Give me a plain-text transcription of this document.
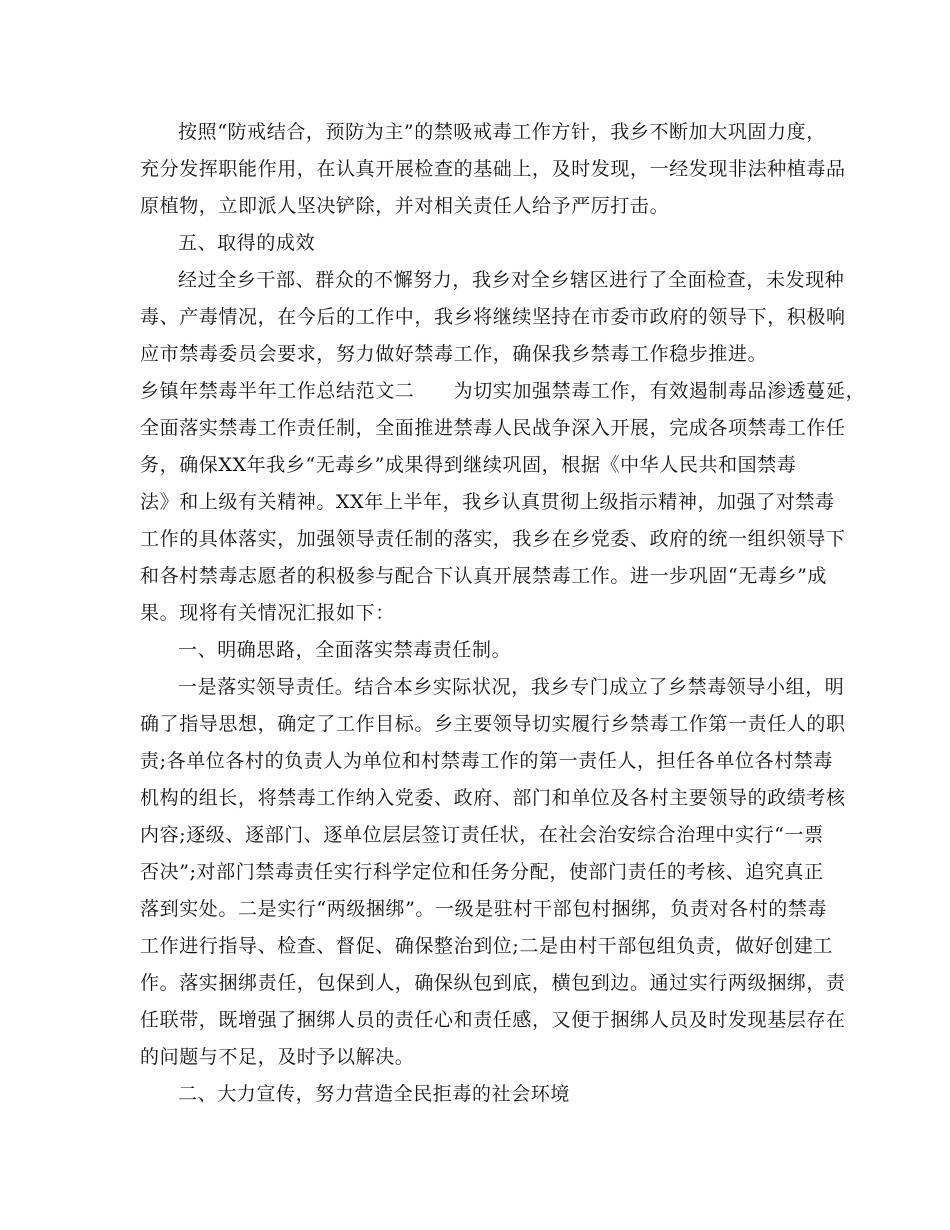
按照“防戒结合，预防为主”的禁吸戒毒工作方针，我乡不断加大巩固力度，
充分发挥职能作用，在认真开展检查的基础上，及时发现，一经发现非法种植毒品
原植物，立即派人坚决铲除，并对相关责任人给予严厉打击。
五、取得的成效
经过全乡干部、群众的不懈努力，我乡对全乡辖区进行了全面检查，未发现种
毒、产毒情况，在今后的工作中，我乡将继续坚持在市委市政府的领导下，积极响
应市禁毒委员会要求，努力做好禁毒工作，确保我乡禁毒工作稳步推进。
乡镇年禁毒半年工作总结范文二　　为切实加强禁毒工作，有效遏制毒品渗透蔓延，
全面落实禁毒工作责任制，全面推进禁毒人民战争深入开展，完成各项禁毒工作任
务，确保XX年我乡“无毒乡”成果得到继续巩固，根据《中华人民共和国禁毒
法》和上级有关精神。XX年上半年，我乡认真贯彻上级指示精神，加强了对禁毒
工作的具体落实，加强领导责任制的落实，我乡在乡党委、政府的统一组织领导下
和各村禁毒志愿者的积极参与配合下认真开展禁毒工作。进一步巩固“无毒乡”成
果。现将有关情况汇报如下：
一、明确思路，全面落实禁毒责任制。
一是落实领导责任。结合本乡实际状况，我乡专门成立了乡禁毒领导小组，明
确了指导思想，确定了工作目标。乡主要领导切实履行乡禁毒工作第一责任人的职
责;各单位各村的负责人为单位和村禁毒工作的第一责任人，担任各单位各村禁毒
机构的组长，将禁毒工作纳入党委、政府、部门和单位及各村主要领导的政绩考核
内容;逐级、逐部门、逐单位层层签订责任状，在社会治安综合治理中实行“一票
否决”;对部门禁毒责任实行科学定位和任务分配，使部门责任的考核、追究真正
落到实处。二是实行“两级捆绑”。一级是驻村干部包村捆绑，负责对各村的禁毒
工作进行指导、检查、督促、确保整治到位;二是由村干部包组负责，做好创建工
作。落实捆绑责任，包保到人，确保纵包到底，横包到边。通过实行两级捆绑，责
任联带，既增强了捆绑人员的责任心和责任感，又便于捆绑人员及时发现基层存在
的问题与不足，及时予以解决。
二、大力宣传，努力营造全民拒毒的社会环境
